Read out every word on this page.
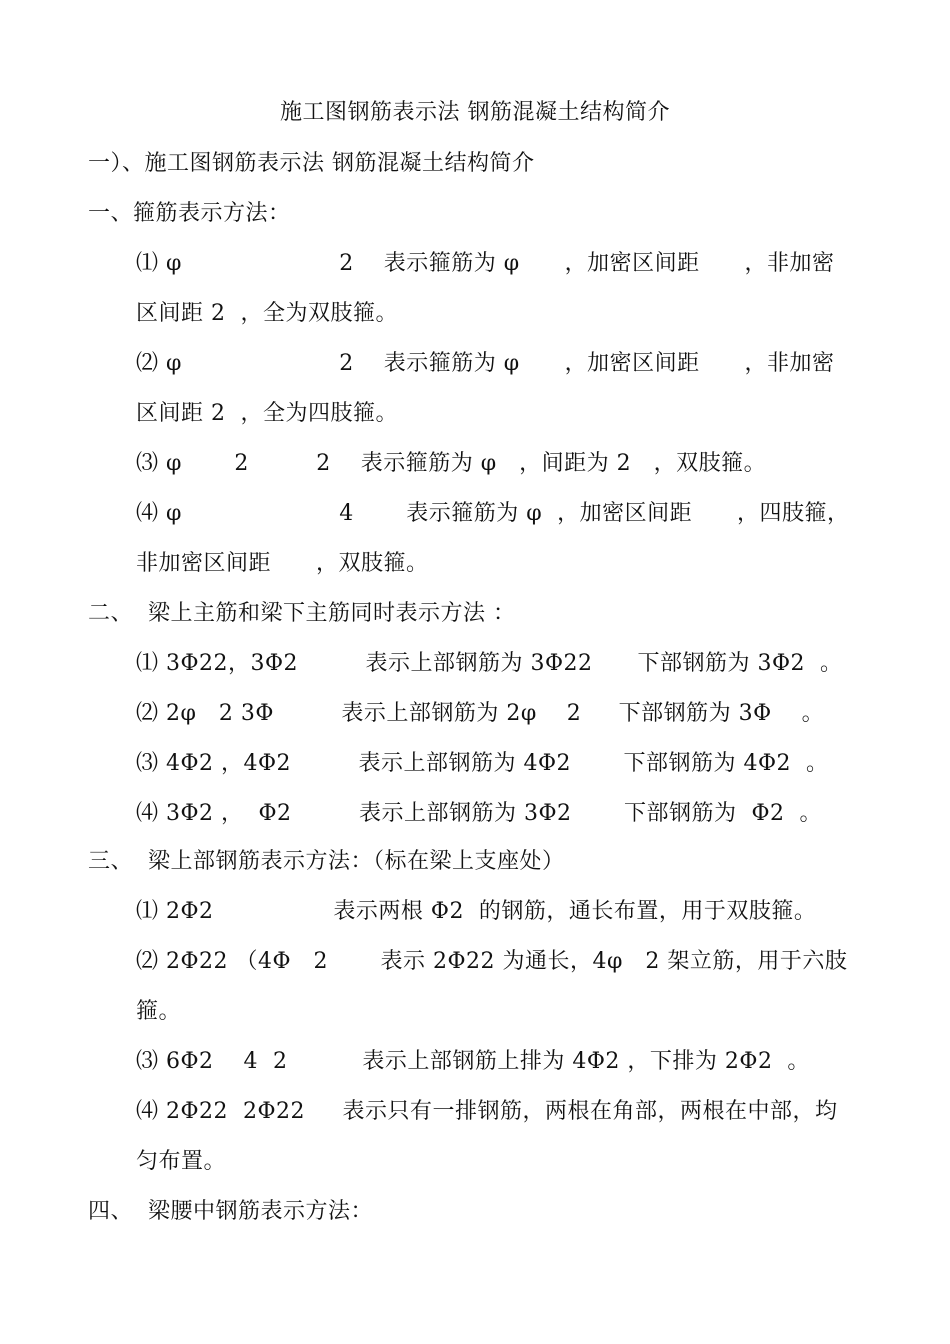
施工图钢筋表示法 钢筋混凝土结构简介
一）、施工图钢筋表示法 钢筋混凝土结构简介
一、箍筋表示方法：
⑴ φ                     2    表示箍筋为 φ      ，加密区间距      ，非加密
区间距 2  ，全为双肢箍。
⑵ φ                     2    表示箍筋为 φ      ，加密区间距      ，非加密
区间距 2  ，全为四肢箍。
⑶ φ       2         2    表示箍筋为 φ   ，间距为 2   ，双肢箍。
⑷ φ                     4       表示箍筋为 φ  ，加密区间距      ，四肢箍，
非加密区间距      ，双肢箍。
二、  梁上主筋和梁下主筋同时表示方法 ：
⑴ 3Φ22，3Φ2         表示上部钢筋为 3Φ22      下部钢筋为 3Φ2  。
⑵ 2φ   2 3Φ         表示上部钢筋为 2φ    2     下部钢筋为 3Φ    。
⑶ 4Φ2 ，4Φ2         表示上部钢筋为 4Φ2       下部钢筋为 4Φ2  。
⑷ 3Φ2 ，  Φ2         表示上部钢筋为 3Φ2       下部钢筋为  Φ2  。
三、  梁上部钢筋表示方法：（标在梁上支座处）
⑴ 2Φ2                表示两根 Φ2  的钢筋，通长布置，用于双肢箍。
⑵ 2Φ22 （4Φ   2       表示 2Φ22 为通长，4φ   2 架立筋，用于六肢
箍。
⑶ 6Φ2    4  2          表示上部钢筋上排为 4Φ2 ，下排为 2Φ2  。
⑷ 2Φ22  2Φ22     表示只有一排钢筋，两根在角部，两根在中部，均
匀布置。
四、  梁腰中钢筋表示方法：
